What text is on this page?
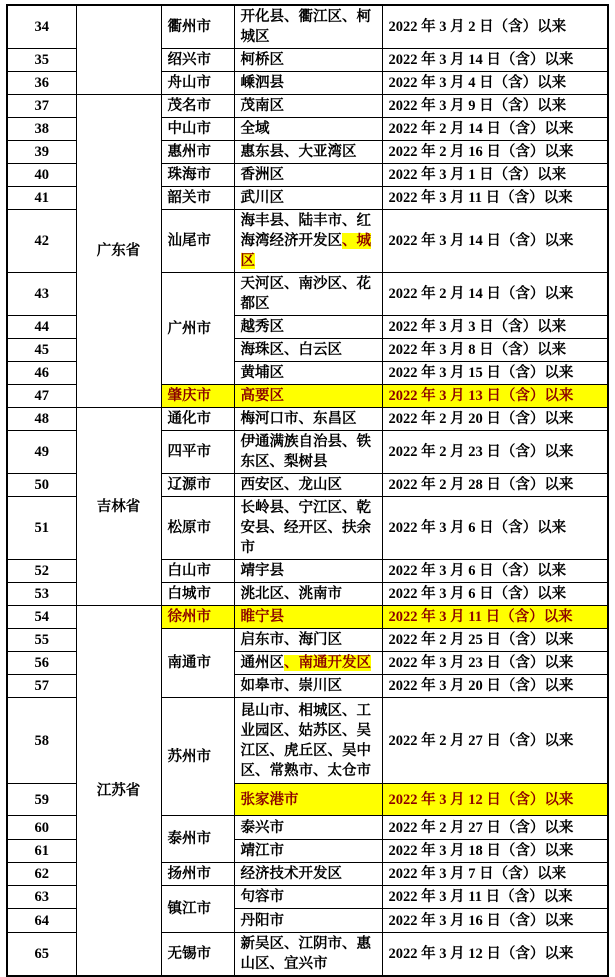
34		衢州市	开化县、衢江区、柯城区	2022 年 3 月 2 日（含）以来
35		绍兴市	柯桥区	2022 年 3 月 14 日（含）以来
36		舟山市	嵊泗县	2022 年 3 月 4 日（含）以来
37	广东省	茂名市	茂南区	2022 年 3 月 9 日（含）以来
38		中山市	全域	2022 年 2 月 14 日（含）以来
39		惠州市	惠东县、大亚湾区	2022 年 2 月 16 日（含）以来
40		珠海市	香洲区	2022 年 3 月 1 日（含）以来
41		韶关市	武川区	2022 年 3 月 11 日（含）以来
42		汕尾市	海丰县、陆丰市、红海湾经济开发区、城区	2022 年 3 月 14 日（含）以来
43		广州市	天河区、南沙区、花都区	2022 年 2 月 14 日（含）以来
44			越秀区	2022 年 3 月 3 日（含）以来
45			海珠区、白云区	2022 年 3 月 8 日（含）以来
46			黄埔区	2022 年 3 月 15 日（含）以来
47		肇庆市	高要区	2022 年 3 月 13 日（含）以来
48	吉林省	通化市	梅河口市、东昌区	2022 年 2 月 20 日（含）以来
49		四平市	伊通满族自治县、铁东区、梨树县	2022 年 2 月 23 日（含）以来
50		辽源市	西安区、龙山区	2022 年 2 月 28 日（含）以来
51		松原市	长岭县、宁江区、乾安县、经开区、扶余市	2022 年 3 月 6 日（含）以来
52		白山市	靖宇县	2022 年 3 月 6 日（含）以来
53		白城市	洮北区、洮南市	2022 年 3 月 6 日（含）以来
54	江苏省	徐州市	睢宁县	2022 年 3 月 11 日（含）以来
55		南通市	启东市、海门区	2022 年 2 月 25 日（含）以来
56			通州区、南通开发区	2022 年 3 月 23 日（含）以来
57			如皋市、崇川区	2022 年 3 月 20 日（含）以来
58		苏州市	昆山市、相城区、工业园区、姑苏区、吴江区、虎丘区、吴中区、常熟市、太仓市	2022 年 2 月 27 日（含）以来
59			张家港市	2022 年 3 月 12 日（含）以来
60		泰州市	泰兴市	2022 年 2 月 27 日（含）以来
61			靖江市	2022 年 3 月 18 日（含）以来
62		扬州市	经济技术开发区	2022 年 3 月 7 日（含）以来
63		镇江市	句容市	2022 年 3 月 11 日（含）以来
64			丹阳市	2022 年 3 月 16 日（含）以来
65		无锡市	新吴区、江阴市、惠山区、宜兴市	2022 年 3 月 12 日（含）以来
